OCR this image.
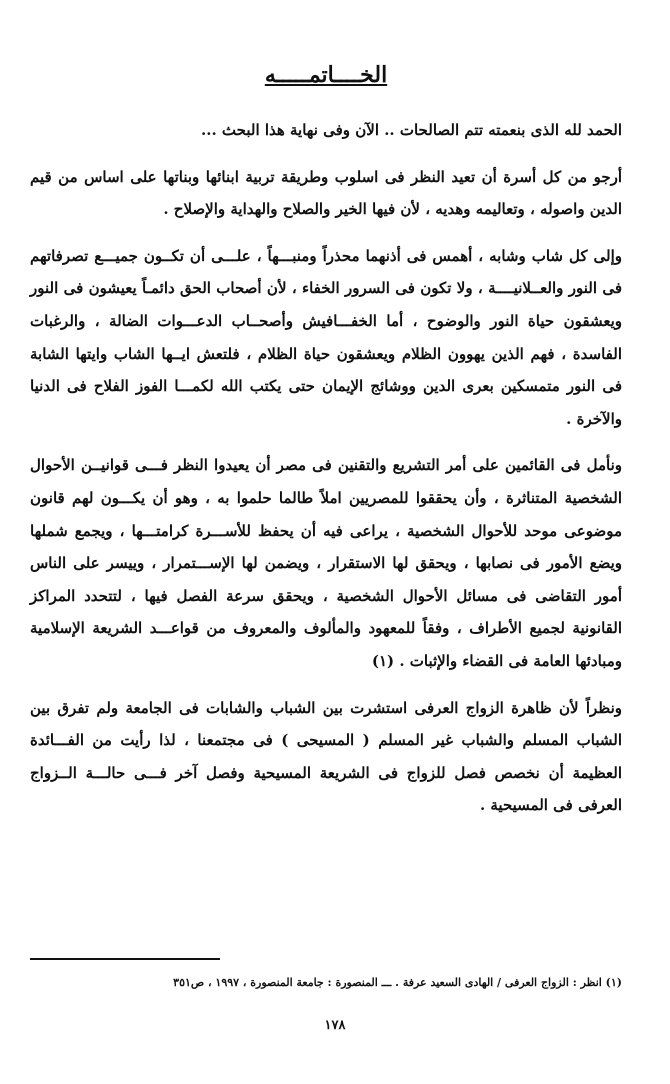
الخــــاتمـــــه

الحمد لله الذى بنعمته تتم الصالحات .. الآن وفى نهاية هذا البحث ...

أرجو من كل أسرة أن تعيد النظر فى اسلوب وطريقة تربية ابنائها وبناتها على اساس من قيم الدين واصوله ، وتعاليمه وهديه ، لأن فيها الخير والصلاح والهداية والإصلاح .

وإلى كل شاب وشابه ، أهمس فى أذنهما محذراً ومنبـــهاً ، علـــى أن تكــون جميـــع تصرفاتهم فى النور والعــلانيــــة ، ولا تكون فى السرور الخفاء ، لأن أصحاب الحق دائمـاً يعيشون فى النور ويعشقون حياة النور والوضوح ، أما الخفـــافيش وأصحــاب الدعـــوات الضالة ، والرغبات الفاسدة ، فهم الذين يهوون الظلام ويعشقون حياة الظلام ، فلتعش ايــها الشاب وايتها الشابة فى النور متمسكين بعرى الدين ووشائج الإيمان حتى يكتب الله لكمـــا الفوز الفلاح فى الدنيا والآخرة .

ونأمل فى القائمين على أمر التشريع والتقنين فى مصر أن يعيدوا النظر فـــى قوانيــن الأحوال الشخصية المتناثرة ، وأن يحققوا للمصريين املاً طالما حلموا به ، وهو أن يكـــون لهم قانون موضوعى موحد للأحوال الشخصية ، يراعى فيه أن يحفظ للأســـرة كرامتـــها ، ويجمع شملها ويضع الأمور فى نصابها ، ويحقق لها الاستقرار ، ويضمن لها الإســـتمرار ، وييسر على الناس أمور التقاضى فى مسائل الأحوال الشخصية ، ويحقق سرعة الفصل فيها ، لتتحدد المراكز القانونية لجميع الأطراف ، وفقاً للمعهود والمألوف والمعروف من قواعـــد الشريعة الإسلامية ومبادئها العامة فى القضاء والإثبات . (١)

ونظراً لأن ظاهرة الزواج العرفى استشرت بين الشباب والشابات فى الجامعة ولم تفرق بين الشباب المسلم والشباب غير المسلم ( المسيحى ) فى مجتمعنا ، لذا رأيت من الفـــائدة العظيمة أن نخصص فصل للزواج فى الشريعة المسيحية وفصل آخر فـــى حالـــة الــزواج العرفى فى المسيحية .

(١) انظر : الزواج العرفى / الهادى السعيد عرفة . ـــ المنصورة : جامعة المنصورة ، ١٩٩٧ ، ص٣٥١
١٧٨
